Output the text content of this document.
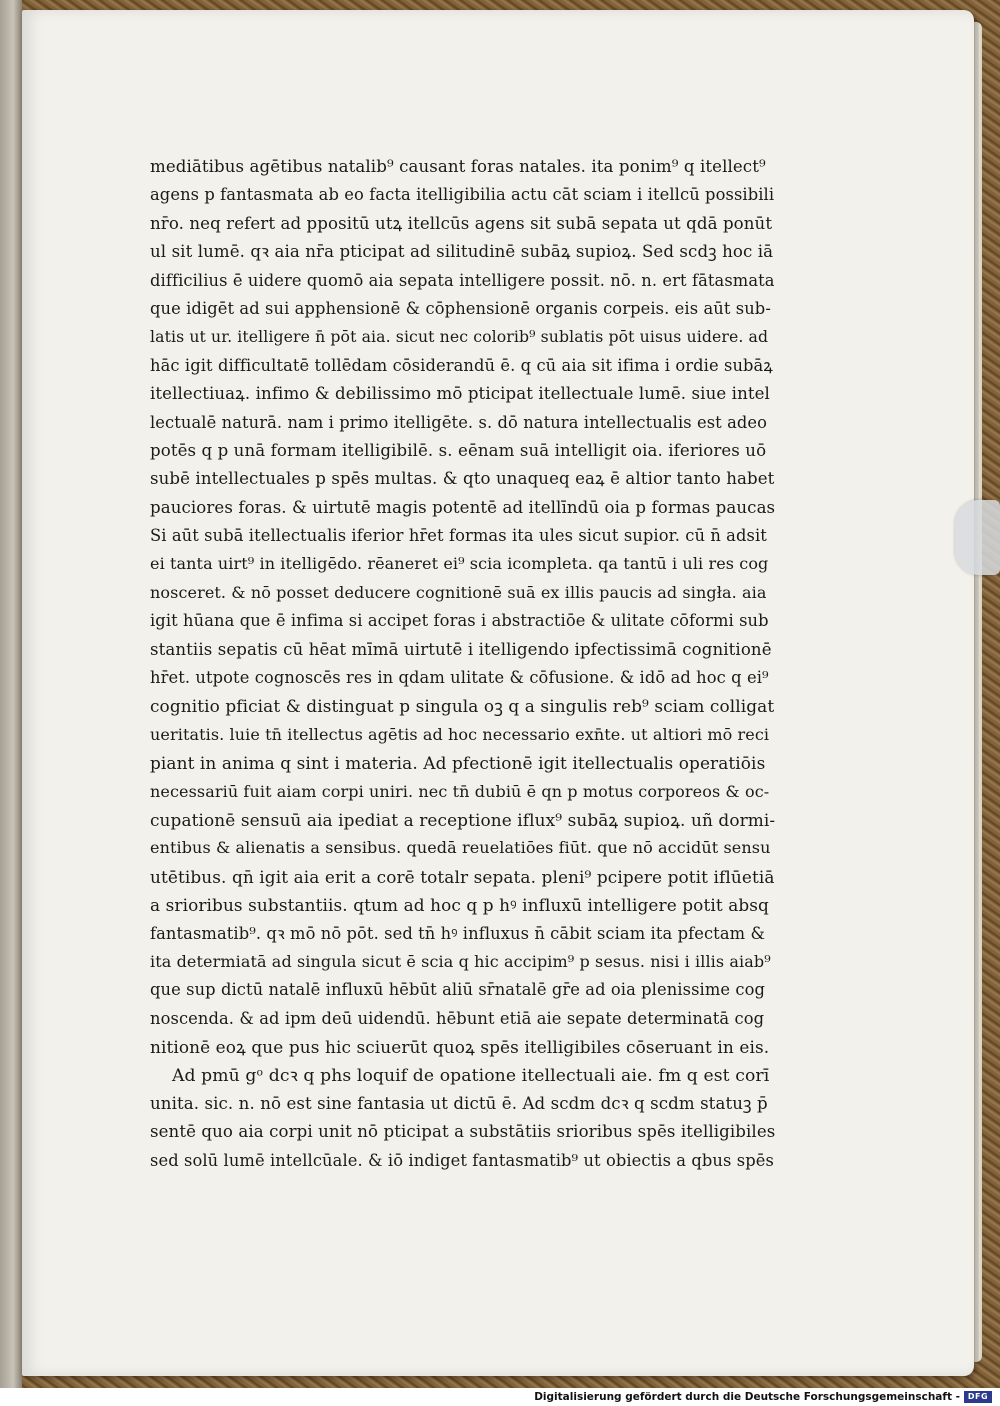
mediātibus agētibus natalib⁹ causant foras natales. ita ponim⁹ q itellect⁹
agens p fantasmata ab eo facta itelligibilia actu cāt sciam i itellcū possibili
nr̄o. neq refert ad ppositū utꝝ itellcūs agens sit subā sepata ut qdā ponūt
ul sit lumē. qꝛ aia nr̄a pticipat ad silitudinē subāꝝ supioꝝ. Sed scdꝫ hoc iā
difficilius ē uidere quomō aia sepata intelligere possit. nō. n. ert fātasmata
que idigēt ad sui apphensionē & cōphensionē organis corpeis. eis aūt sub-
latis ut ur. itelligere n̄ pōt aia. sicut nec colorib⁹ sublatis pōt uisus uidere. ad
hāc igit difficultatē tollēdam cōsiderandū ē. q cū aia sit ifima i ordie subāꝝ
itellectiuaꝝ. infimo & debilissimo mō pticipat itellectuale lumē. siue intel
lectualē naturā. nam i primo itelligēte. s. dō natura intellectualis est adeo
potēs q p unā formam itelligibilē. s. eēnam suā intelligit oia. iferiores uō
subē intellectuales p spēs multas. & qto unaqueq eaꝝ ē altior tanto habet
pauciores foras. & uirtutē magis potentē ad itellīndū oia p formas paucas
Si aūt subā itellectualis iferior hr̄et formas ita ules sicut supior. cū n̄ adsit
ei tanta uirt⁹ in itelligēdo. rēaneret ei⁹ scia icompleta. qa tantū i uli res cog
nosceret. & nō posset deducere cognitionē suā ex illis paucis ad singła. aia
igit hūana que ē infima si accipet foras i abstractiōe & ulitate cōformi sub
stantiis sepatis cū hēat mīmā uirtutē i itelligendo ipfectissimā cognitionē
hr̄et. utpote cognoscēs res in qdam ulitate & cōfusione. & idō ad hoc q ei⁹
cognitio pficiat & distinguat p singula oꝫ q a singulis reb⁹ sciam colligat
ueritatis. luie tn̄ itellectus agētis ad hoc necessario exn̄te. ut altiori mō reci
piant in anima q sint i materia. Ad pfectionē igit itellectualis operatiōis
necessariū fuit aiam corpi uniri. nec tn̄ dubiū ē qn p motus corporeos & oc-
cupationē sensuū aia ipediat a receptione iflux⁹ subāꝝ supioꝝ. uñ dormi-
entibus & alienatis a sensibus. quedā reuelatiōes fiūt. que nō accidūt sensu
utētibus. qn̄ igit aia erit a corē totalr sepata. pleni⁹ pcipere potit iflūetiā
a srioribus substantiis. qtum ad hoc q p hꝰ influxū intelligere potit absq
fantasmatib⁹. qꝛ mō nō pōt. sed tn̄ hꝰ influxus n̄ cābit sciam ita pfectam &
ita determiatā ad singula sicut ē scia q hic accipim⁹ p sesus. nisi i illis aiab⁹
que sup dictū natalē influxū hēbūt aliū sr̄natalē gr̄e ad oia plenissime cog
noscenda. & ad ipm deū uidendū. hēbunt etiā aie sepate determinatā cog
nitionē eoꝝ que pus hic sciuerūt quoꝝ spēs itelligibiles cōseruant in eis.
Ad pmū gᵒ dcꝛ q phs loquif de opatione itellectuali aie. fm q est corī
unita. sic. n. nō est sine fantasia ut dictū ē. Ad scdm dcꝛ q scdm statuꝫ p̄
sentē quo aia corpi unit nō pticipat a substātiis srioribus spēs itelligibiles
sed solū lumē intellcūale. & iō indiget fantasmatib⁹ ut obiectis a qbus spēs
Digitalisierung gefördert durch die Deutsche Forschungsgemeinschaft - DFG
